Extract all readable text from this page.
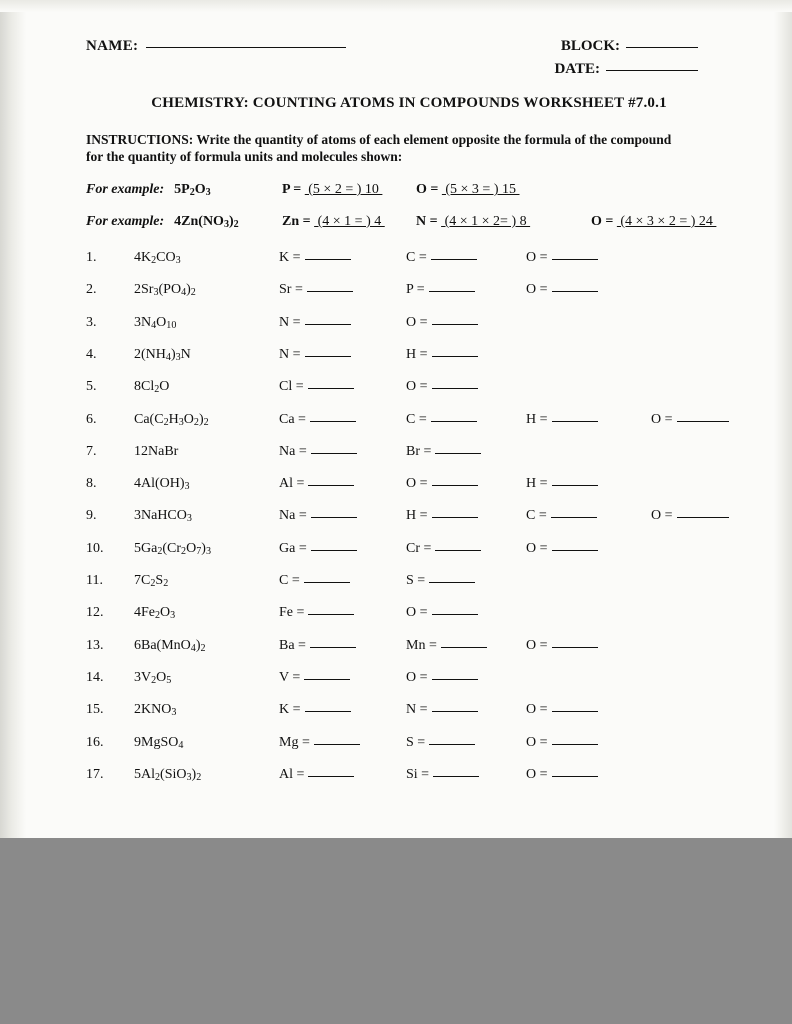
NAME:	BLOCK:
DATE:
CHEMISTRY: COUNTING ATOMS IN COMPOUNDS WORKSHEET #7.0.1
INSTRUCTIONS: Write the quantity of atoms of each element opposite the formula of the compound for the quantity of formula units and molecules shown:
For example: $5P_2O_3$	P =  (5 × 2 = ) 10 O =  (5 × 3 = ) 15
For example: $4Zn(NO_3)_2$	Zn =  (4 × 1 = ) 4 N =  (4 × 1 × 2= ) 8	O =  (4 × 3 × 2 = ) 24
1.	$4K_2CO_3$	K =	C =	O =
2.	$2Sr_3(PO_4)_2$	Sr =	P =	O =
3.	$3N_4O_{10}$	N =	O =
4.	$2(NH_4)_3N$	N =	H =
5.	$8Cl_2O$	Cl =	O =
6.	$Ca(C_2H_3O_2)_2$	Ca =	C =	H =	O =
7.	12NaBr	Na =	Br =
8.	$4Al(OH)_3$	Al =	O =	H =
9.	3NaHCO$_3$	Na =	H =	C =	O =
10.	$5Ga_2(Cr_2O_7)_3$	Ga =	Cr =	O =
11.	$7C_2S_2$	C =	S =
12.	$4Fe_2O_3$	Fe =	O =
13.	$6Ba(MnO_4)_2$	Ba =	Mn =	O =
14.	$3V_2O_5$	V =	O =
15.	$2KNO_3$	K =	N =	O =
16.	9MgSO$_4$	Mg =	S =	O =
17.	$5Al_2(SiO_3)_2$	Al =	Si =	O =
